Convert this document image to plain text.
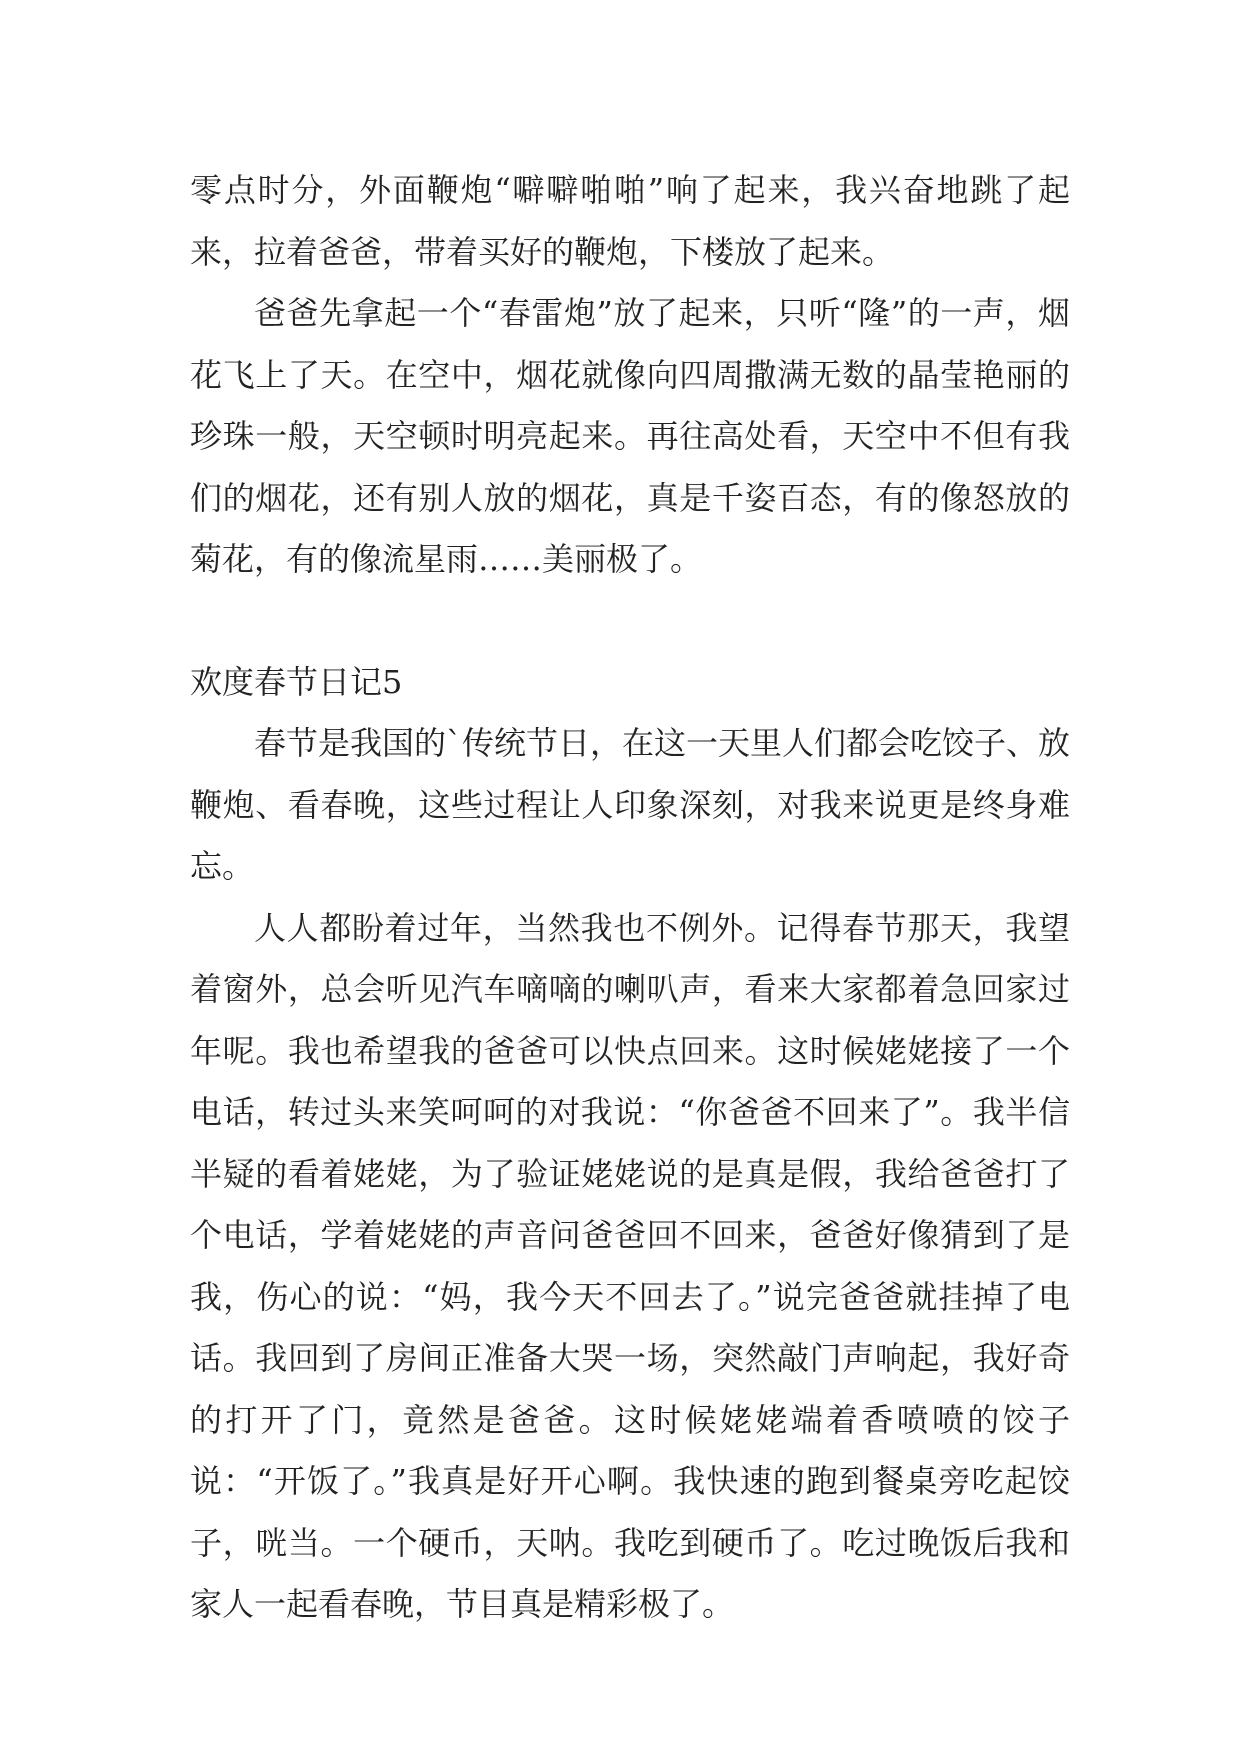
零点时分，外面鞭炮“噼噼啪啪”响了起来，我兴奋地跳了起来，拉着爸爸，带着买好的鞭炮，下楼放了起来。

爸爸先拿起一个“春雷炮”放了起来，只听“隆”的一声，烟花飞上了天。在空中，烟花就像向四周撒满无数的晶莹艳丽的珍珠一般，天空顿时明亮起来。再往高处看，天空中不但有我们的烟花，还有别人放的烟花，真是千姿百态，有的像怒放的菊花，有的像流星雨……美丽极了。

欢度春节日记5

春节是我国的`传统节日，在这一天里人们都会吃饺子、放鞭炮、看春晚，这些过程让人印象深刻，对我来说更是终身难忘。

人人都盼着过年，当然我也不例外。记得春节那天，我望着窗外，总会听见汽车嘀嘀的喇叭声，看来大家都着急回家过年呢。我也希望我的爸爸可以快点回来。这时候姥姥接了一个电话，转过头来笑呵呵的对我说：“你爸爸不回来了”。我半信半疑的看着姥姥，为了验证姥姥说的是真是假，我给爸爸打了个电话，学着姥姥的声音问爸爸回不回来，爸爸好像猜到了是我，伤心的说：“妈，我今天不回去了。”说完爸爸就挂掉了电话。我回到了房间正准备大哭一场，突然敲门声响起，我好奇的打开了门，竟然是爸爸。这时候姥姥端着香喷喷的饺子说：“开饭了。”我真是好开心啊。我快速的跑到餐桌旁吃起饺子，咣当。一个硬币，天呐。我吃到硬币了。吃过晚饭后我和家人一起看春晚，节目真是精彩极了。
